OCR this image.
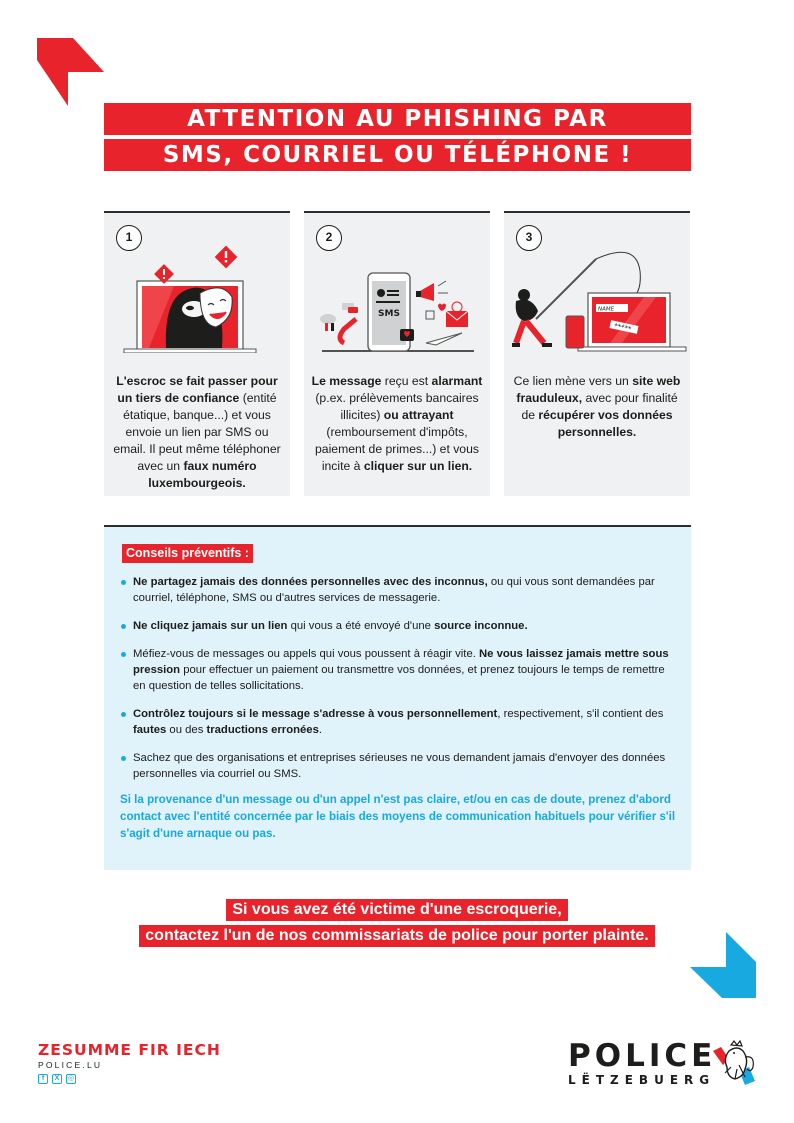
ATTENTION AU PHISHING PAR
SMS, COURRIEL OU TÉLÉPHONE !
1
L'escroc se fait passer pour un tiers de confiance (entité étatique, banque...) et vous envoie un lien par SMS ou email. Il peut même téléphoner avec un faux numéro luxembourgeois.
2
SMS
Le message reçu est alarmant (p.ex. prélèvements bancaires illicites) ou attrayant (remboursement d'impôts, paiement de primes...) et vous incite à cliquer sur un lien.
3
NAME
*****
Ce lien mène vers un site web frauduleux, avec pour finalité de récupérer vos données personnelles.
Conseils préventifs :
Ne partagez jamais des données personnelles avec des inconnus, ou qui vous sont demandées par courriel, téléphone, SMS ou d'autres services de messagerie.
Ne cliquez jamais sur un lien qui vous a été envoyé d'une source inconnue.
Méfiez-vous de messages ou appels qui vous poussent à réagir vite. Ne vous laissez jamais mettre sous pression pour effectuer un paiement ou transmettre vos données, et prenez toujours le temps de remettre en question de telles sollicitations.
Contrôlez toujours si le message s'adresse à vous personnellement, respectivement, s'il contient des fautes ou des traductions erronées.
Sachez que des organisations et entreprises sérieuses ne vous demandent jamais d'envoyer des données personnelles via courriel ou SMS.
Si la provenance d'un message ou d'un appel n'est pas claire, et/ou en cas de doute, prenez d'abord contact avec l'entité concernée par le biais des moyens de communication habituels pour vérifier s'il s'agit d'une arnaque ou pas.
Si vous avez été victime d'une escroquerie,
contactez l'un de nos commissariats de police pour porter plainte.
ZESUMME FIR IECH
POLICE.LU
f	X	◎
POLICE
LËTZEBUERG
